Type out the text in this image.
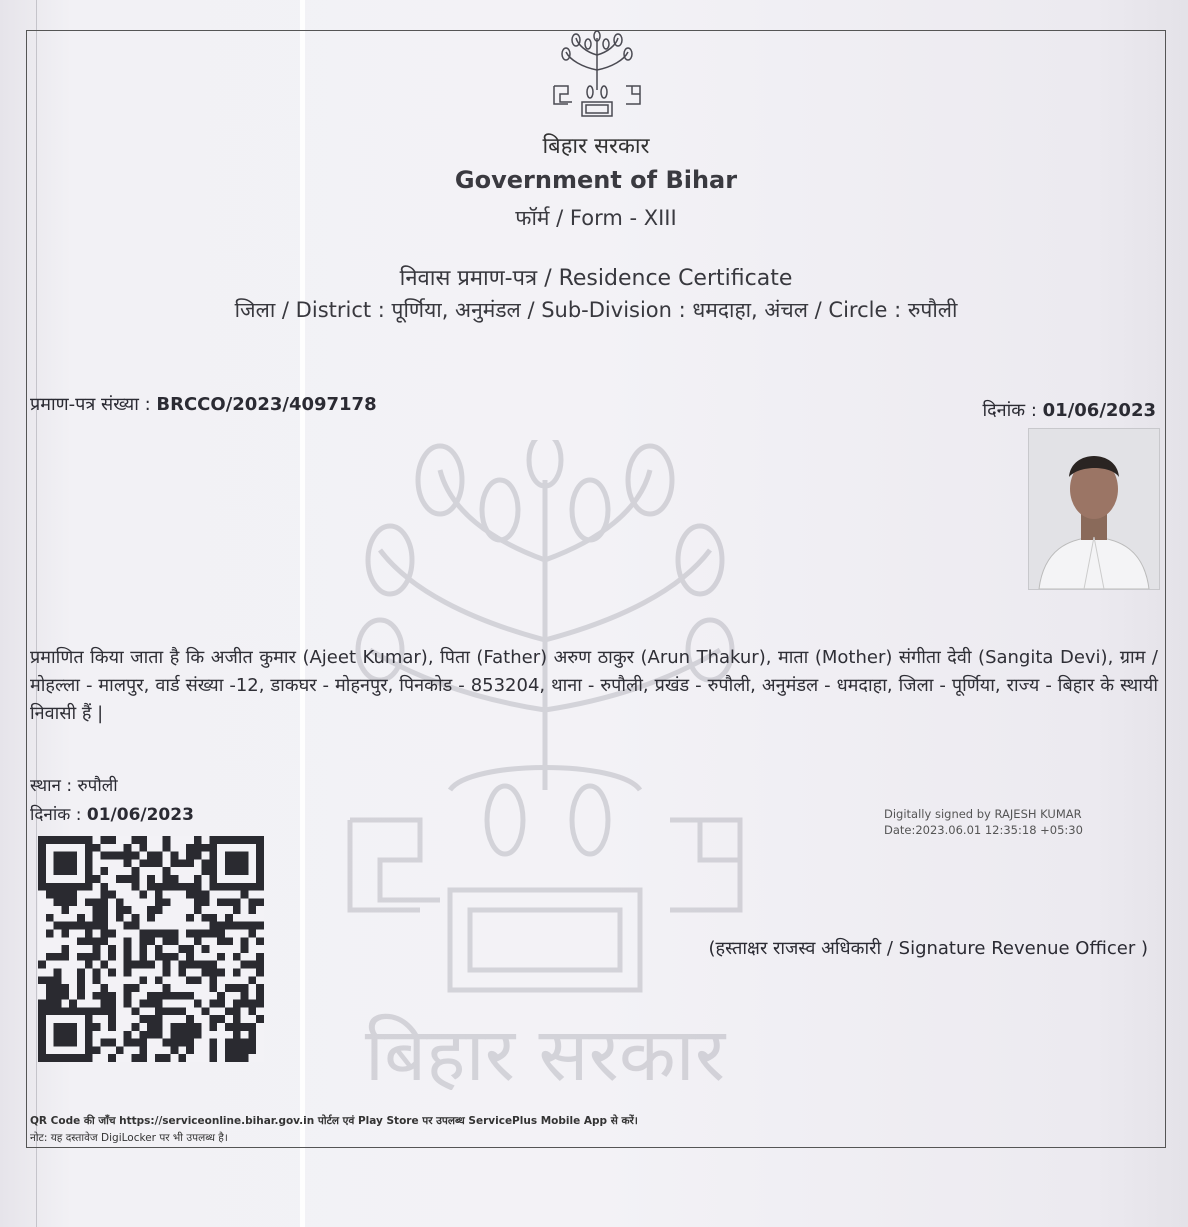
बिहार सरकार
बिहार सरकार
Government of Bihar
फॉर्म / Form - XIII
निवास प्रमाण-पत्र / Residence Certificate
जिला / District : पूर्णिया, अनुमंडल / Sub-Division : धमदाहा, अंचल / Circle : रुपौली
प्रमाण-पत्र संख्या : BRCCO/2023/4097178	दिनांक : 01/06/2023
प्रमाणित किया जाता है कि अजीत कुमार (Ajeet Kumar), पिता (Father) अरुण ठाकुर (Arun Thakur), माता (Mother) संगीता देवी (Sangita Devi), ग्राम / मोहल्ला - मालपुर, वार्ड संख्या -12, डाकघर - मोहनपुर, पिनकोड - 853204, थाना - रुपौली, प्रखंड - रुपौली, अनुमंडल - धमदाहा, जिला - पूर्णिया, राज्य - बिहार के स्थायी निवासी हैं |
स्थान : रुपौली
दिनांक : 01/06/2023	Digitally signed by RAJESH KUMAR
Date:2023.06.01 12:35:18 +05:30
(हस्ताक्षर राजस्व अधिकारी / Signature Revenue Officer )
QR Code की जाँच https://serviceonline.bihar.gov.in पोर्टल एवं Play Store पर उपलब्ध ServicePlus Mobile App से करें।
नोट: यह दस्तावेज DigiLocker पर भी उपलब्ध है।
